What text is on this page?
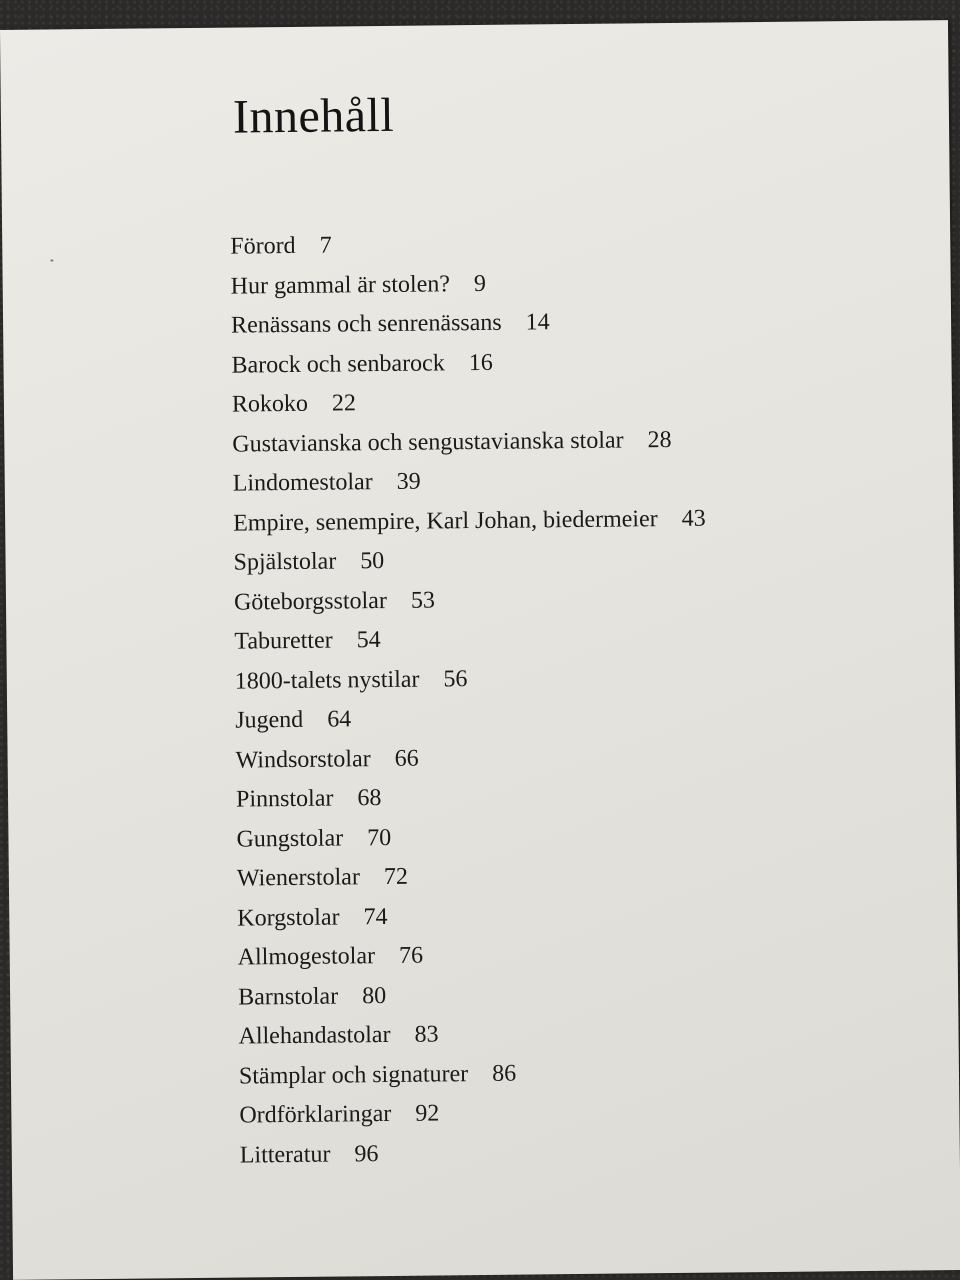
Innehåll
Förord 7
Hur gammal är stolen? 9
Renässans och senrenässans 14
Barock och senbarock 16
Rokoko 22
Gustavianska och sengustavianska stolar 28
Lindomestolar 39
Empire, senempire, Karl Johan, biedermeier 43
Spjälstolar 50
Göteborgsstolar 53
Taburetter 54
1800-talets nystilar 56
Jugend 64
Windsorstolar 66
Pinnstolar 68
Gungstolar 70
Wienerstolar 72
Korgstolar 74
Allmogestolar 76
Barnstolar 80
Allehandastolar 83
Stämplar och signaturer 86
Ordförklaringar 92
Litteratur 96
